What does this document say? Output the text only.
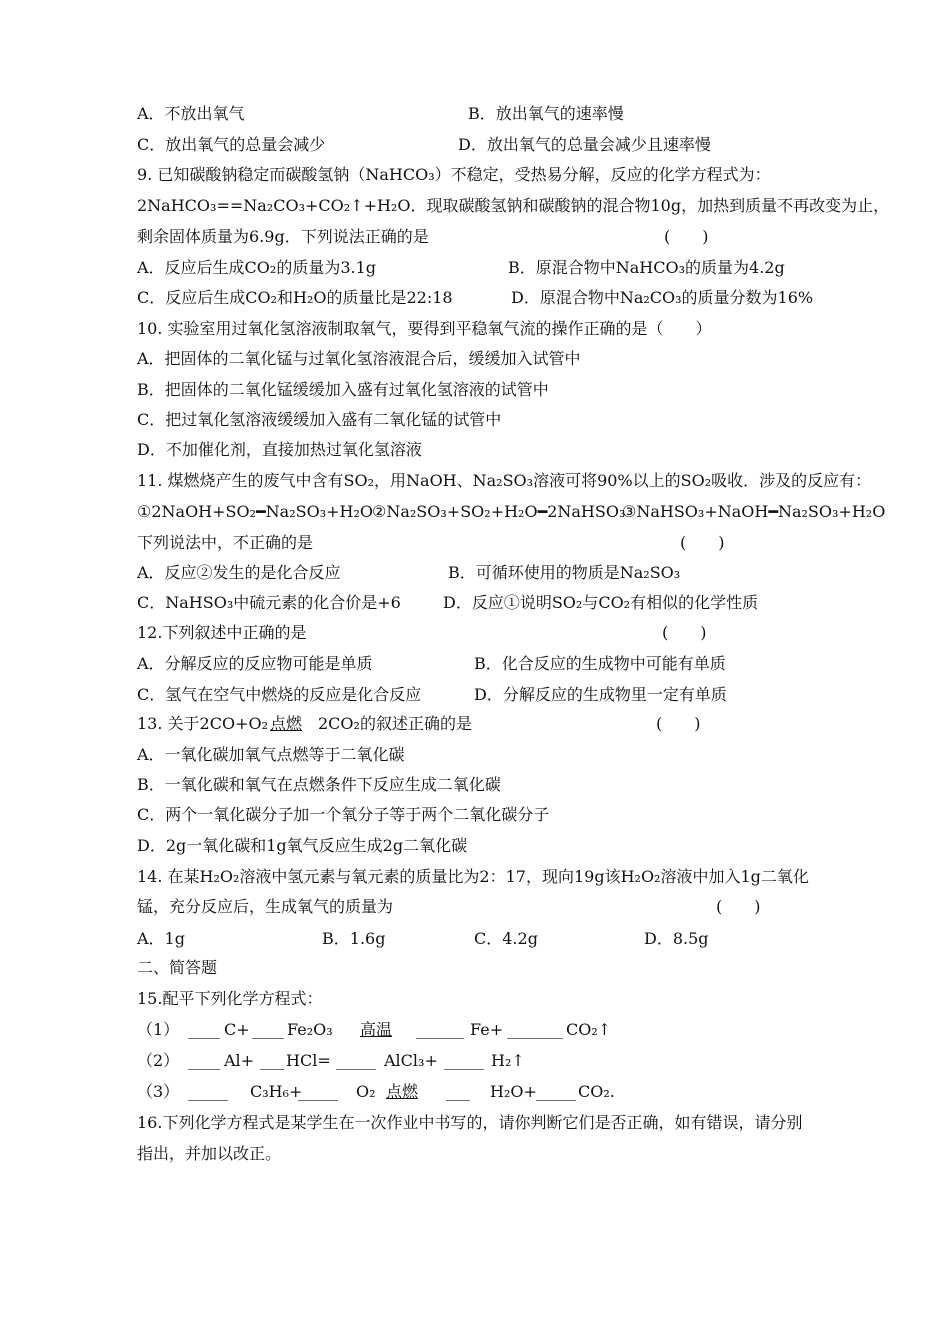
A．不放出氧气	B．放出氧气的速率慢
C．放出氧气的总量会减少	D．放出氧气的总量会减少且速率慢
9. 已知碳酸钠稳定而碳酸氢钠（NaHCO₃）不稳定，受热易分解，反应的化学方程式为：
2NaHCO₃==Na₂CO₃+CO₂↑+H₂O．现取碳酸氢钠和碳酸钠的混合物10g，加热到质量不再改变为止，
剩余固体质量为6.9g．下列说法正确的是	(　　)
A．反应后生成CO₂的质量为3.1g	B．原混合物中NaHCO₃的质量为4.2g
C．反应后生成CO₂和H₂O的质量比是22:18	D．原混合物中Na₂CO₃的质量分数为16%
10. 实验室用过氧化氢溶液制取氧气，要得到平稳氧气流的操作正确的是（　　）
A．把固体的二氧化锰与过氧化氢溶液混合后，缓缓加入试管中
B．把固体的二氧化锰缓缓加入盛有过氧化氢溶液的试管中
C．把过氧化氢溶液缓缓加入盛有二氧化锰的试管中
D．不加催化剂，直接加热过氧化氢溶液
11. 煤燃烧产生的废气中含有SO₂，用NaOH、Na₂SO₃溶液可将90%以上的SO₂吸收．涉及的反应有：
①2NaOH+SO₂━Na₂SO₃+H₂O ②Na₂SO₃+SO₂+H₂O━2NaHSO₃
③NaHSO₃+NaOH━Na₂SO₃+H₂O
下列说法中，不正确的是	(　　)
A．反应②发生的是化合反应	B．可循环使用的物质是Na₂SO₃
C．NaHSO₃中硫元素的化合价是+6	D．反应①说明SO₂与CO₂有相似的化学性质
12.下列叙述中正确的是	(　　)
A．分解反应的反应物可能是单质	B．化合反应的生成物中可能有单质
C．氢气在空气中燃烧的反应是化合反应	D．分解反应的生成物里一定有单质
13. 关于2CO+O₂ 点燃 2CO₂的叙述正确的是	(　　)
A．一氧化碳加氧气点燃等于二氧化碳
B．一氧化碳和氧气在点燃条件下反应生成二氧化碳
C．两个一氧化碳分子加一个氧分子等于两个二氧化碳分子
D．2g一氧化碳和1g氧气反应生成2g二氧化碳
14. 在某H₂O₂溶液中氢元素与氧元素的质量比为2：17，现向19g该H₂O₂溶液中加入1g二氧化
锰，充分反应后，生成氧气的质量为	(　　)
A．1g	B．1.6g	C．4.2g	D．8.5g
二、简答题
15.配平下列化学方程式：
（1） ____ C+ ____ Fe₂O₃ 高温 ______ Fe+ _______ CO₂↑
（2） ____ Al+ ___ HCl= _____ AlCl₃+ _____ H₂↑
（3） _____ C₃H₆+
_____ O₂ 点燃 ___ H₂O+ _____ CO₂.
16.下列化学方程式是某学生在一次作业中书写的，请你判断它们是否正确，如有错误，请分别
指出，并加以改正。
